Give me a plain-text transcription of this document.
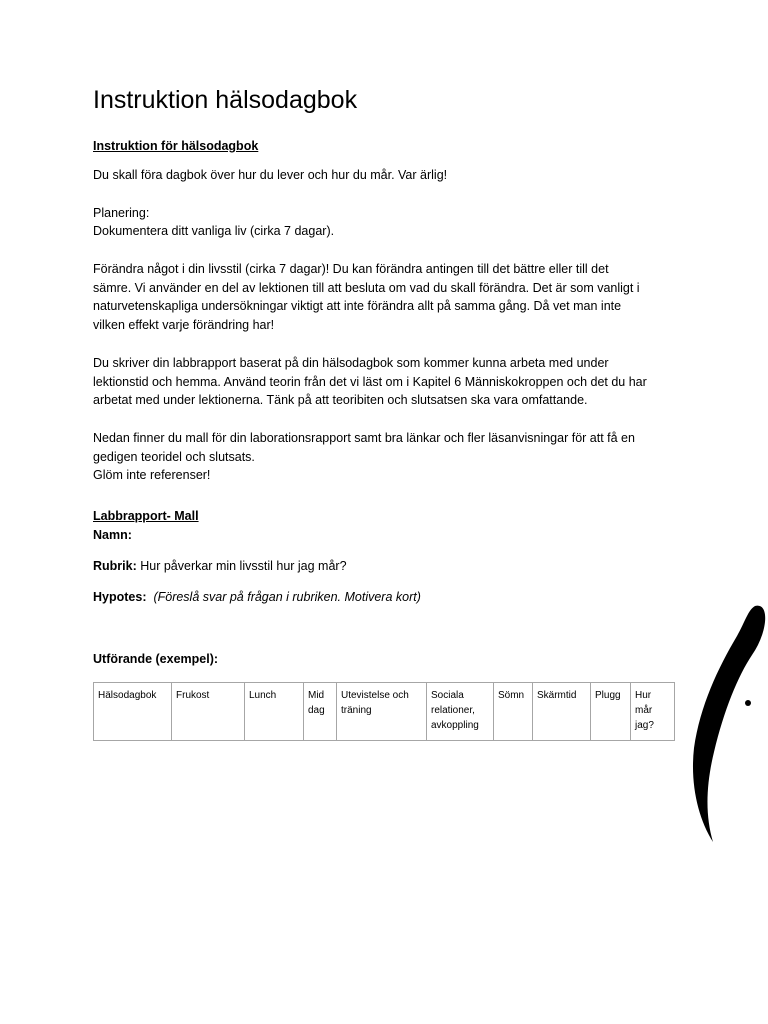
Instruktion hälsodagbok
Instruktion för hälsodagbok
Du skall föra dagbok över hur du lever och hur du mår. Var ärlig!
Planering:
Dokumentera ditt vanliga liv (cirka 7 dagar).
Förändra något i din livsstil (cirka 7 dagar)! Du kan förändra antingen till det bättre eller till det
sämre. Vi använder en del av lektionen till att besluta om vad du skall förändra. Det är som vanligt i
naturvetenskapliga undersökningar viktigt att inte förändra allt på samma gång. Då vet man inte
vilken effekt varje förändring har!
Du skriver din labbrapport baserat på din hälsodagbok som kommer kunna arbeta med under
lektionstid och hemma. Använd teorin från det vi läst om i Kapitel 6 Människokroppen och det du har
arbetat med under lektionerna. Tänk på att teoribiten och slutsatsen ska vara omfattande.
Nedan finner du mall för din laborationsrapport samt bra länkar och fler läsanvisningar för att få en
gedigen teoridel och slutsats.
Glöm inte referenser!
Labbrapport- Mall
Namn:
Rubrik: Hur påverkar min livsstil hur jag mår?
Hypotes: (Föreslå svar på frågan i rubriken. Motivera kort)
Utförande (exempel):
Hälsodagbok	Frukost	Lunch	Mid dag	Utevistelse och träning	Sociala relationer, avkoppling	Sömn	Skärmtid	Plugg	Hur mår jag?
